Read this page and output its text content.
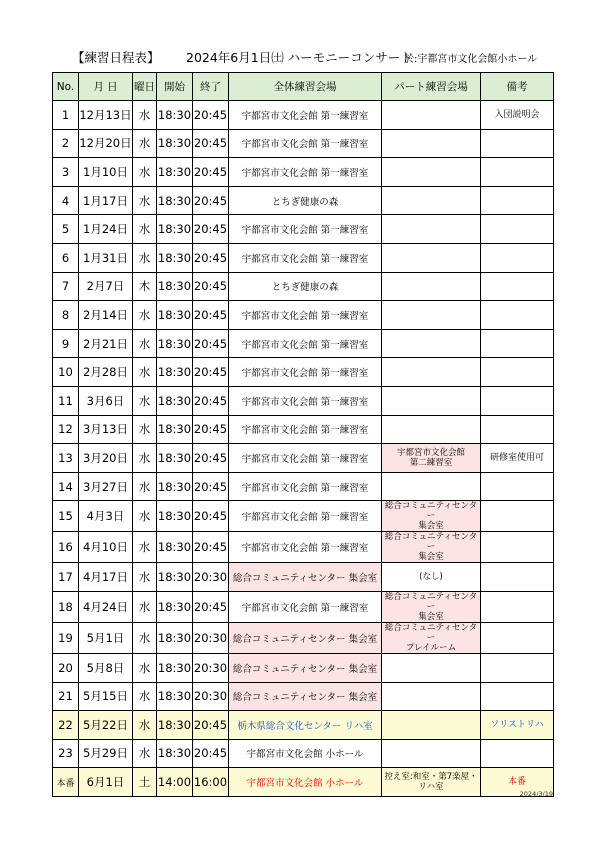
【練習日程表】 2024年6月1日㈯ ハーモニーコンサート
於:宇都宮市文化会館小ホール
No.	月 日	曜日	開始	終了	全体練習会場	パート練習会場	備考
1	12月13日	水	18:30	20:45	宇都宮市文化会館 第一練習室		入団説明会
2	12月20日	水	18:30	20:45	宇都宮市文化会館 第一練習室		
3	1月10日	水	18:30	20:45	宇都宮市文化会館 第一練習室		
4	1月17日	水	18:30	20:45	とちぎ健康の森		
5	1月24日	水	18:30	20:45	宇都宮市文化会館 第一練習室		
6	1月31日	水	18:30	20:45	宇都宮市文化会館 第一練習室		
7	2月7日	木	18:30	20:45	とちぎ健康の森		
8	2月14日	水	18:30	20:45	宇都宮市文化会館 第一練習室		
9	2月21日	水	18:30	20:45	宇都宮市文化会館 第一練習室		
10	2月28日	水	18:30	20:45	宇都宮市文化会館 第一練習室		
11	3月6日	水	18:30	20:45	宇都宮市文化会館 第一練習室		
12	3月13日	水	18:30	20:45	宇都宮市文化会館 第一練習室		
13	3月20日	水	18:30	20:45	宇都宮市文化会館 第一練習室	宇都宮市文化会館
第二練習室	研修室使用可
14	3月27日	水	18:30	20:45	宇都宮市文化会館 第一練習室		
15	4月3日	水	18:30	20:45	宇都宮市文化会館 第一練習室	総合コミュニティセンター
集会室	
16	4月10日	水	18:30	20:45	宇都宮市文化会館 第一練習室	総合コミュニティセンター
集会室	
17	4月17日	水	18:30	20:30	総合コミュニティセンター 集会室	(なし)	
18	4月24日	水	18:30	20:45	宇都宮市文化会館 第一練習室	総合コミュニティセンター
集会室	
19	5月1日	水	18:30	20:30	総合コミュニティセンター 集会室	総合コミュニティセンター
プレイルーム	
20	5月8日	水	18:30	20:30	総合コミュニティセンター 集会室		
21	5月15日	水	18:30	20:30	総合コミュニティセンター 集会室		
22	5月22日	水	18:30	20:45	栃木県総合文化センター リハ室		ソリストリハ
23	5月29日	水	18:30	20:45	宇都宮市文化会館 小ホール		
本番	6月1日	土	14:00	16:00	宇都宮市文化会館 小ホール	控え室:和室・第7楽屋・
リハ室	本番
2024/3/19
